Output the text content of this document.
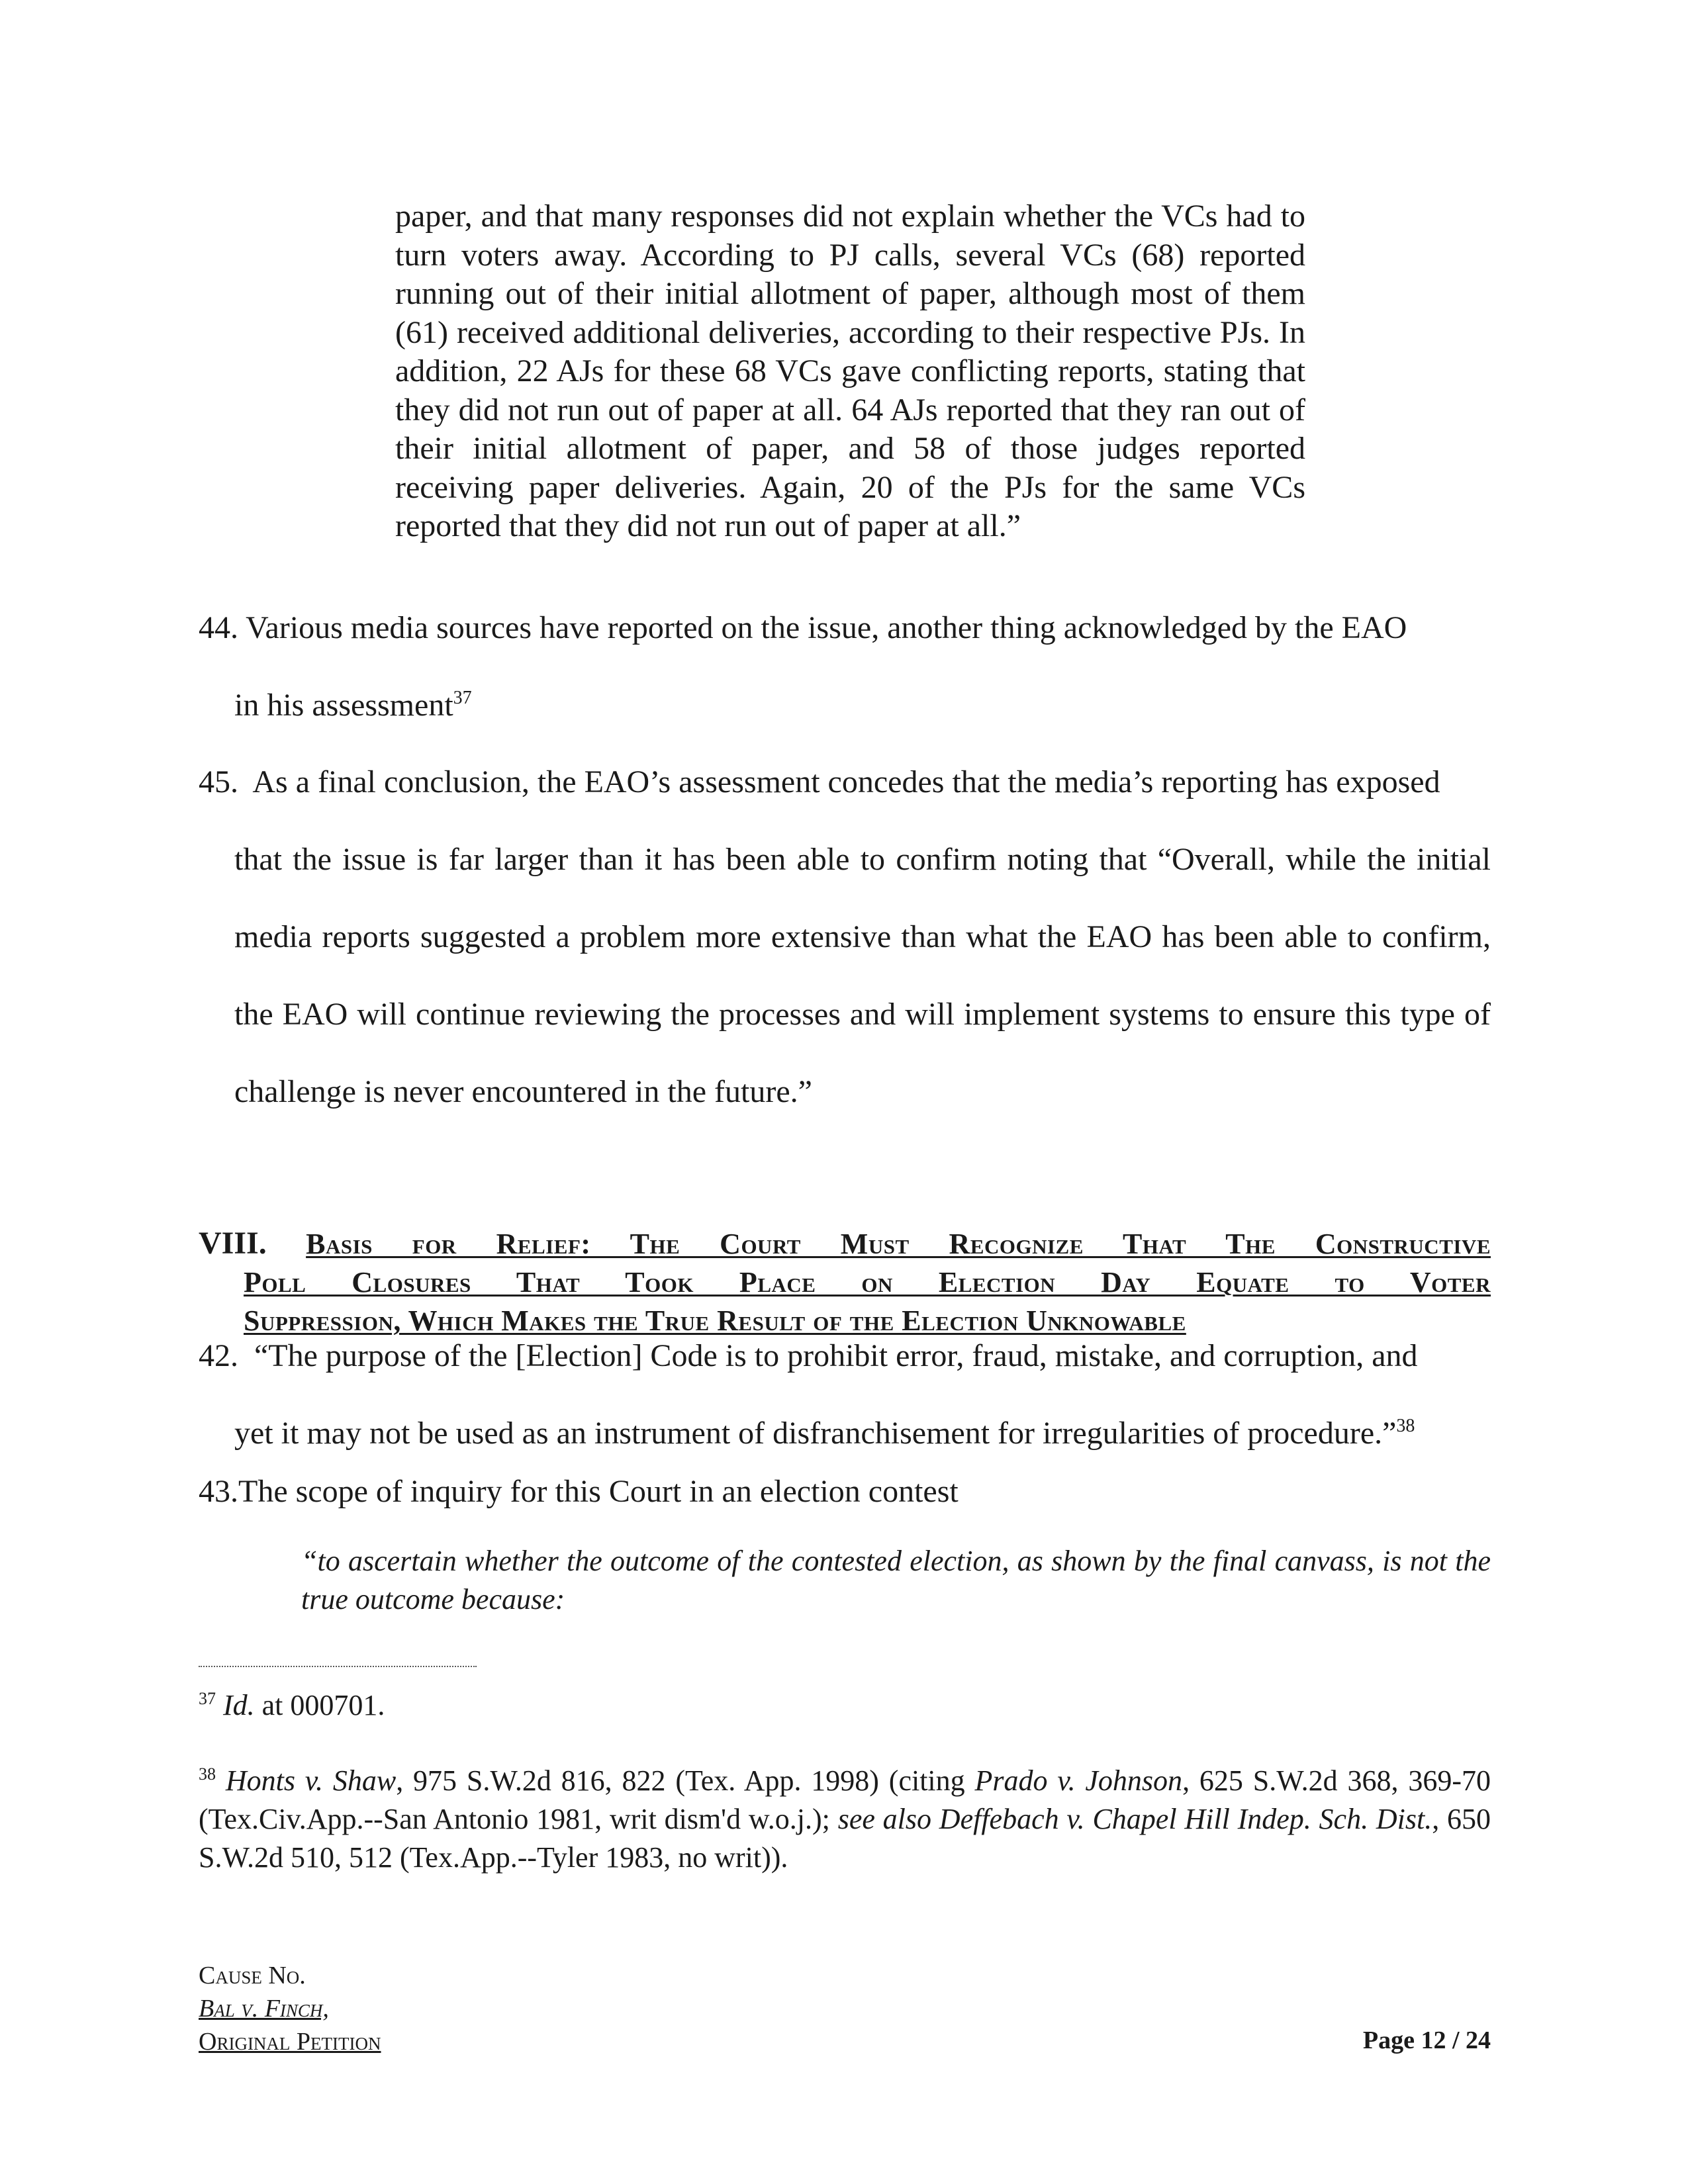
paper, and that many responses did not explain whether the VCs had to turn voters away. According to PJ calls, several VCs (68) reported running out of their initial allotment of paper, although most of them (61) received additional deliveries, according to their respective PJs. In addition, 22 AJs for these 68 VCs gave conflicting reports, stating that they did not run out of paper at all. 64 AJs reported that they ran out of their initial allotment of paper, and 58 of those judges reported receiving paper deliveries. Again, 20 of the PJs for the same VCs reported that they did not run out of paper at all.”

44. Various media sources have reported on the issue, another thing acknowledged by the EAO

in his assessment$^{37}$

45. As a final conclusion, the EAO’s assessment concedes that the media’s reporting has exposed

that the issue is far larger than it has been able to confirm noting that “Overall, while the initial media reports suggested a problem more extensive than what the EAO has been able to confirm, the EAO will continue reviewing the processes and will implement systems to ensure this type of challenge is never encountered in the future.”

VIII. Basis for Relief: The Court Must Recognize That The Constructive
Poll Closures That Took Place on Election Day Equate to Voter
Suppression, Which Makes the True Result of the Election Unknowable

42. “The purpose of the [Election] Code is to prohibit error, fraud, mistake, and corruption, and

yet it may not be used as an instrument of disfranchisement for irregularities of procedure.”$^{38}$

43.The scope of inquiry for this Court in an election contest

“to ascertain whether the outcome of the contested election, as shown by the final canvass, is not the true outcome because:
$^{37}$ Id. at 000701.
$^{38}$ Honts v. Shaw, 975 S.W.2d 816, 822 (Tex. App. 1998) (citing Prado v. Johnson, 625 S.W.2d 368, 369-70 (Tex.Civ.App.--San Antonio 1981, writ dism'd w.o.j.); see also Deffebach v. Chapel Hill Indep. Sch. Dist., 650 S.W.2d 510, 512 (Tex.App.--Tyler 1983, no writ)).
Cause No.
Bal v. Finch,
Original Petition	Page 12 / 24
